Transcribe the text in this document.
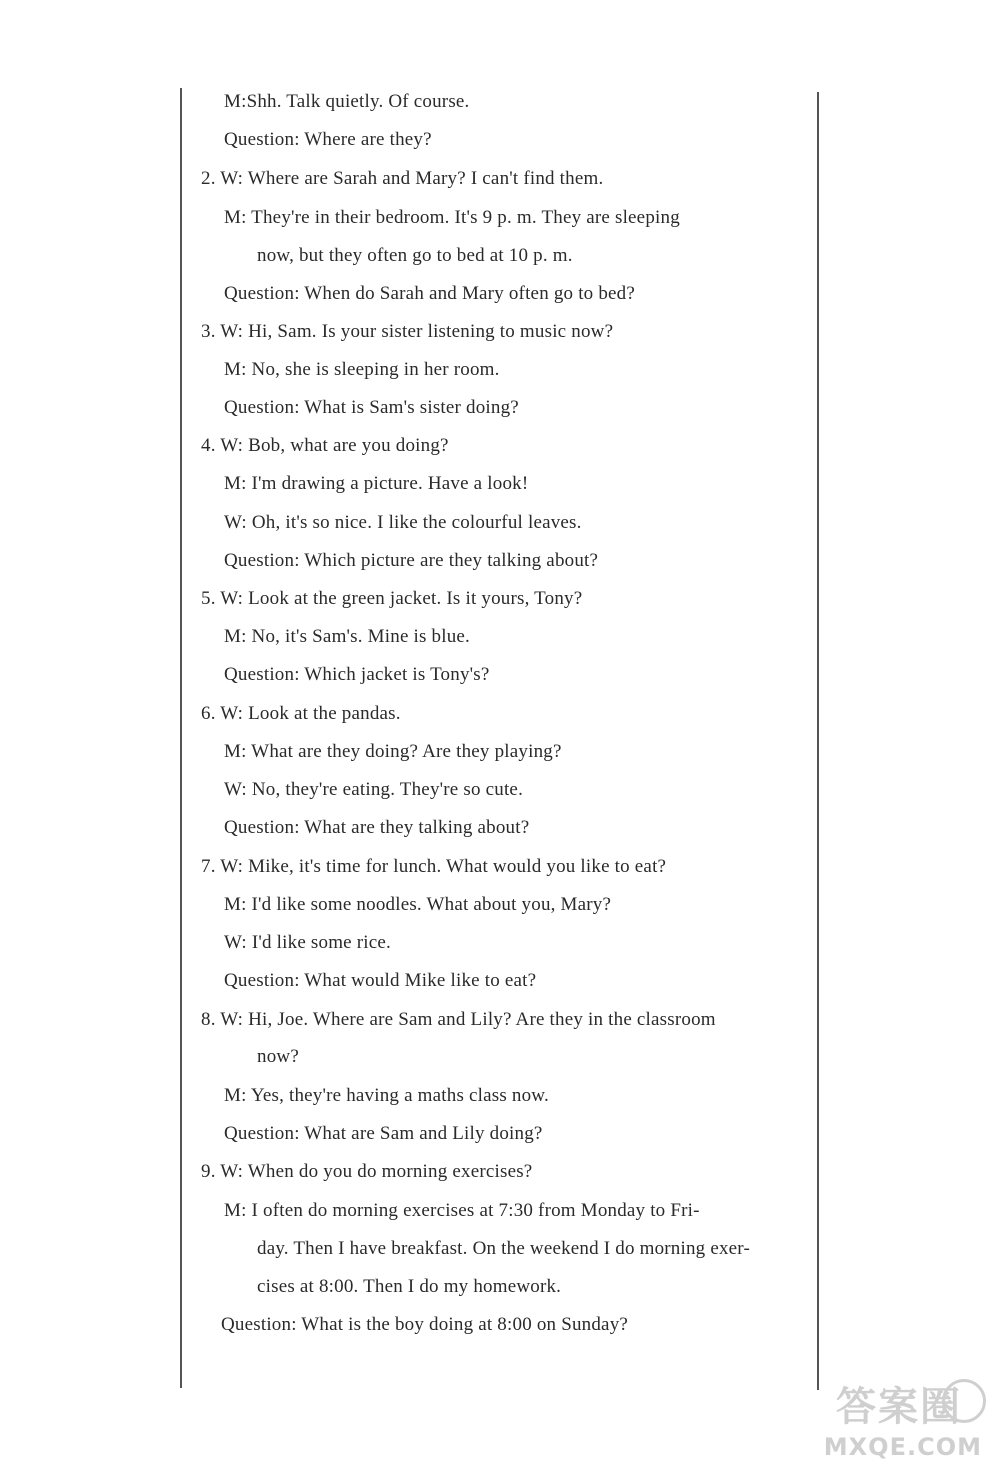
M:Shh. Talk quietly. Of course.
Question: Where are they?
2. W: Where are Sarah and Mary? I can't find them.
M: They're in their bedroom. It's 9 p. m. They are sleeping
now, but they often go to bed at 10 p. m.
Question: When do Sarah and Mary often go to bed?
3. W: Hi, Sam. Is your sister listening to music now?
M: No, she is sleeping in her room.
Question: What is Sam's sister doing?
4. W: Bob, what are you doing?
M: I'm drawing a picture. Have a look!
W: Oh, it's so nice. I like the colourful leaves.
Question: Which picture are they talking about?
5. W: Look at the green jacket. Is it yours, Tony?
M: No, it's Sam's. Mine is blue.
Question: Which jacket is Tony's?
6. W: Look at the pandas.
M: What are they doing? Are they playing?
W: No, they're eating. They're so cute.
Question: What are they talking about?
7. W: Mike, it's time for lunch. What would you like to eat?
M: I'd like some noodles. What about you, Mary?
W: I'd like some rice.
Question: What would Mike like to eat?
8. W: Hi, Joe. Where are Sam and Lily? Are they in the classroom
now?
M: Yes, they're having a maths class now.
Question: What are Sam and Lily doing?
9. W: When do you do morning exercises?
M: I often do morning exercises at 7:30 from Monday to Fri-
day. Then I have breakfast. On the weekend I do morning exer-
cises at 8:00. Then I do my homework.
Question: What is the boy doing at 8:00 on Sunday?
答案圈
MXQE.COM
